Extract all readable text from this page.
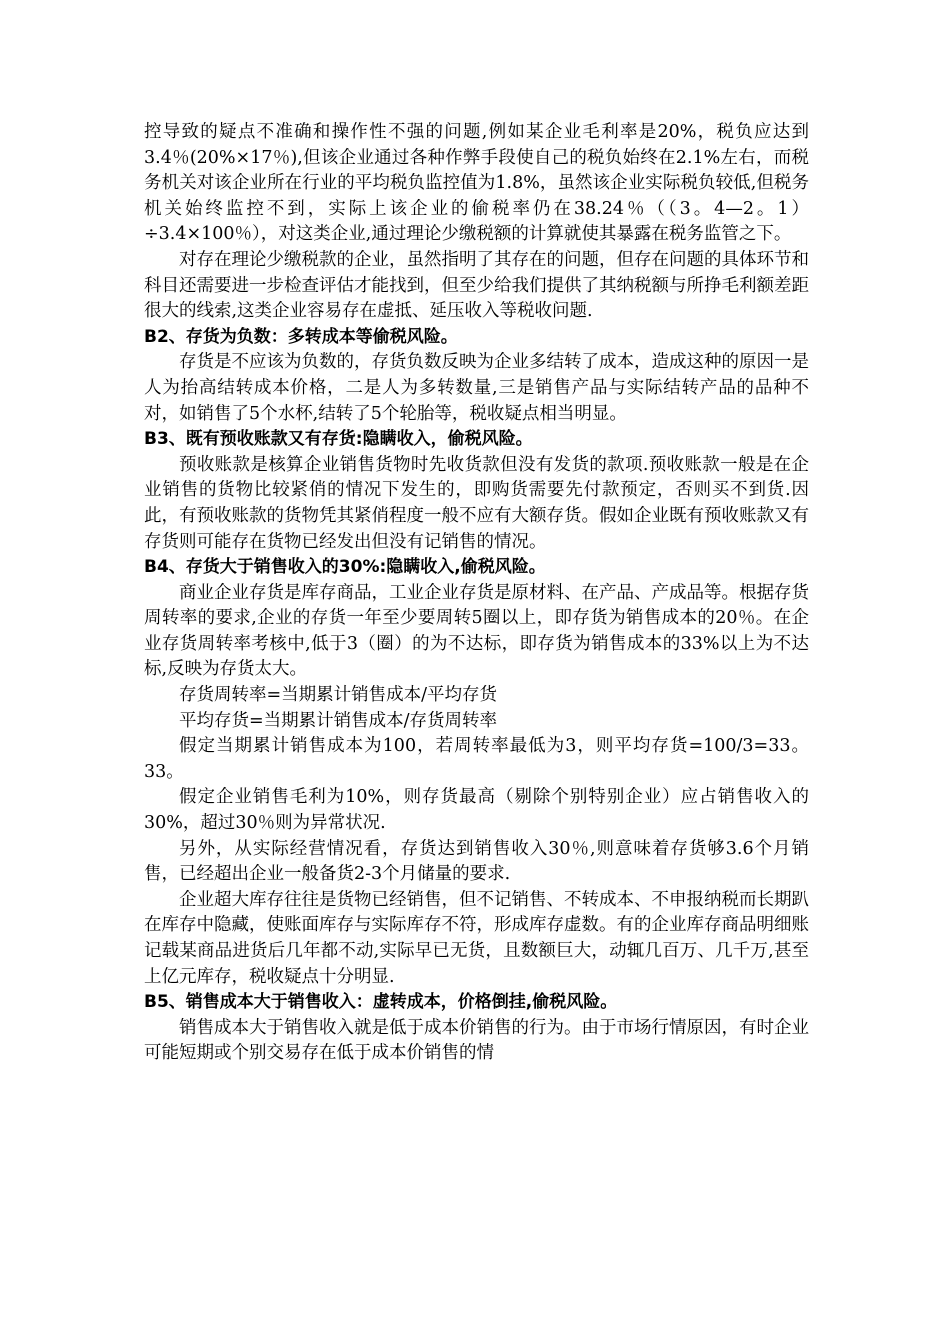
控导致的疑点不准确和操作性不强的问题,例如某企业毛利率是20%，税负应达到3.4％(20%×17％),但该企业通过各种作弊手段使自己的税负始终在2.1%左右，而税务机关对该企业所在行业的平均税负监控值为1.8%，虽然该企业实际税负较低,但税务机关始终监控不到，实际上该企业的偷税率仍在38.24％（（3。4—2。1）÷3.4×100％），对这类企业,通过理论少缴税额的计算就使其暴露在税务监管之下。

对存在理论少缴税款的企业，虽然指明了其存在的问题，但存在问题的具体环节和科目还需要进一步检查评估才能找到，但至少给我们提供了其纳税额与所挣毛利额差距很大的线索,这类企业容易存在虚抵、延压收入等税收问题.

B2、存货为负数：多转成本等偷税风险。

存货是不应该为负数的，存货负数反映为企业多结转了成本，造成这种的原因一是人为抬高结转成本价格，二是人为多转数量,三是销售产品与实际结转产品的品种不对，如销售了5个水杯,结转了5个轮胎等，税收疑点相当明显。

B3、既有预收账款又有存货:隐瞒收入，偷税风险。

预收账款是核算企业销售货物时先收货款但没有发货的款项.预收账款一般是在企业销售的货物比较紧俏的情况下发生的，即购货需要先付款预定，否则买不到货.因此，有预收账款的货物凭其紧俏程度一般不应有大额存货。假如企业既有预收账款又有存货则可能存在货物已经发出但没有记销售的情况。

B4、存货大于销售收入的30%:隐瞒收入,偷税风险。

商业企业存货是库存商品，工业企业存货是原材料、在产品、产成品等。根据存货周转率的要求,企业的存货一年至少要周转5圈以上，即存货为销售成本的20％。在企业存货周转率考核中,低于3（圈）的为不达标，即存货为销售成本的33%以上为不达标,反映为存货太大。

存货周转率=当期累计销售成本/平均存货

平均存货=当期累计销售成本/存货周转率

假定当期累计销售成本为100，若周转率最低为3，则平均存货=100/3=33。33。

假定企业销售毛利为10%，则存货最高（剔除个别特别企业）应占销售收入的30%，超过30％则为异常状况.

另外，从实际经营情况看，存货达到销售收入30％,则意味着存货够3.6个月销售，已经超出企业一般备货2-3个月储量的要求.

企业超大库存往往是货物已经销售，但不记销售、不转成本、不申报纳税而长期趴在库存中隐藏，使账面库存与实际库存不符，形成库存虚数。有的企业库存商品明细账记载某商品进货后几年都不动,实际早已无货，且数额巨大，动辄几百万、几千万,甚至上亿元库存，税收疑点十分明显.

B5、销售成本大于销售收入：虚转成本，价格倒挂,偷税风险。

销售成本大于销售收入就是低于成本价销售的行为。由于市场行情原因，有时企业可能短期或个别交易存在低于成本价销售的情
